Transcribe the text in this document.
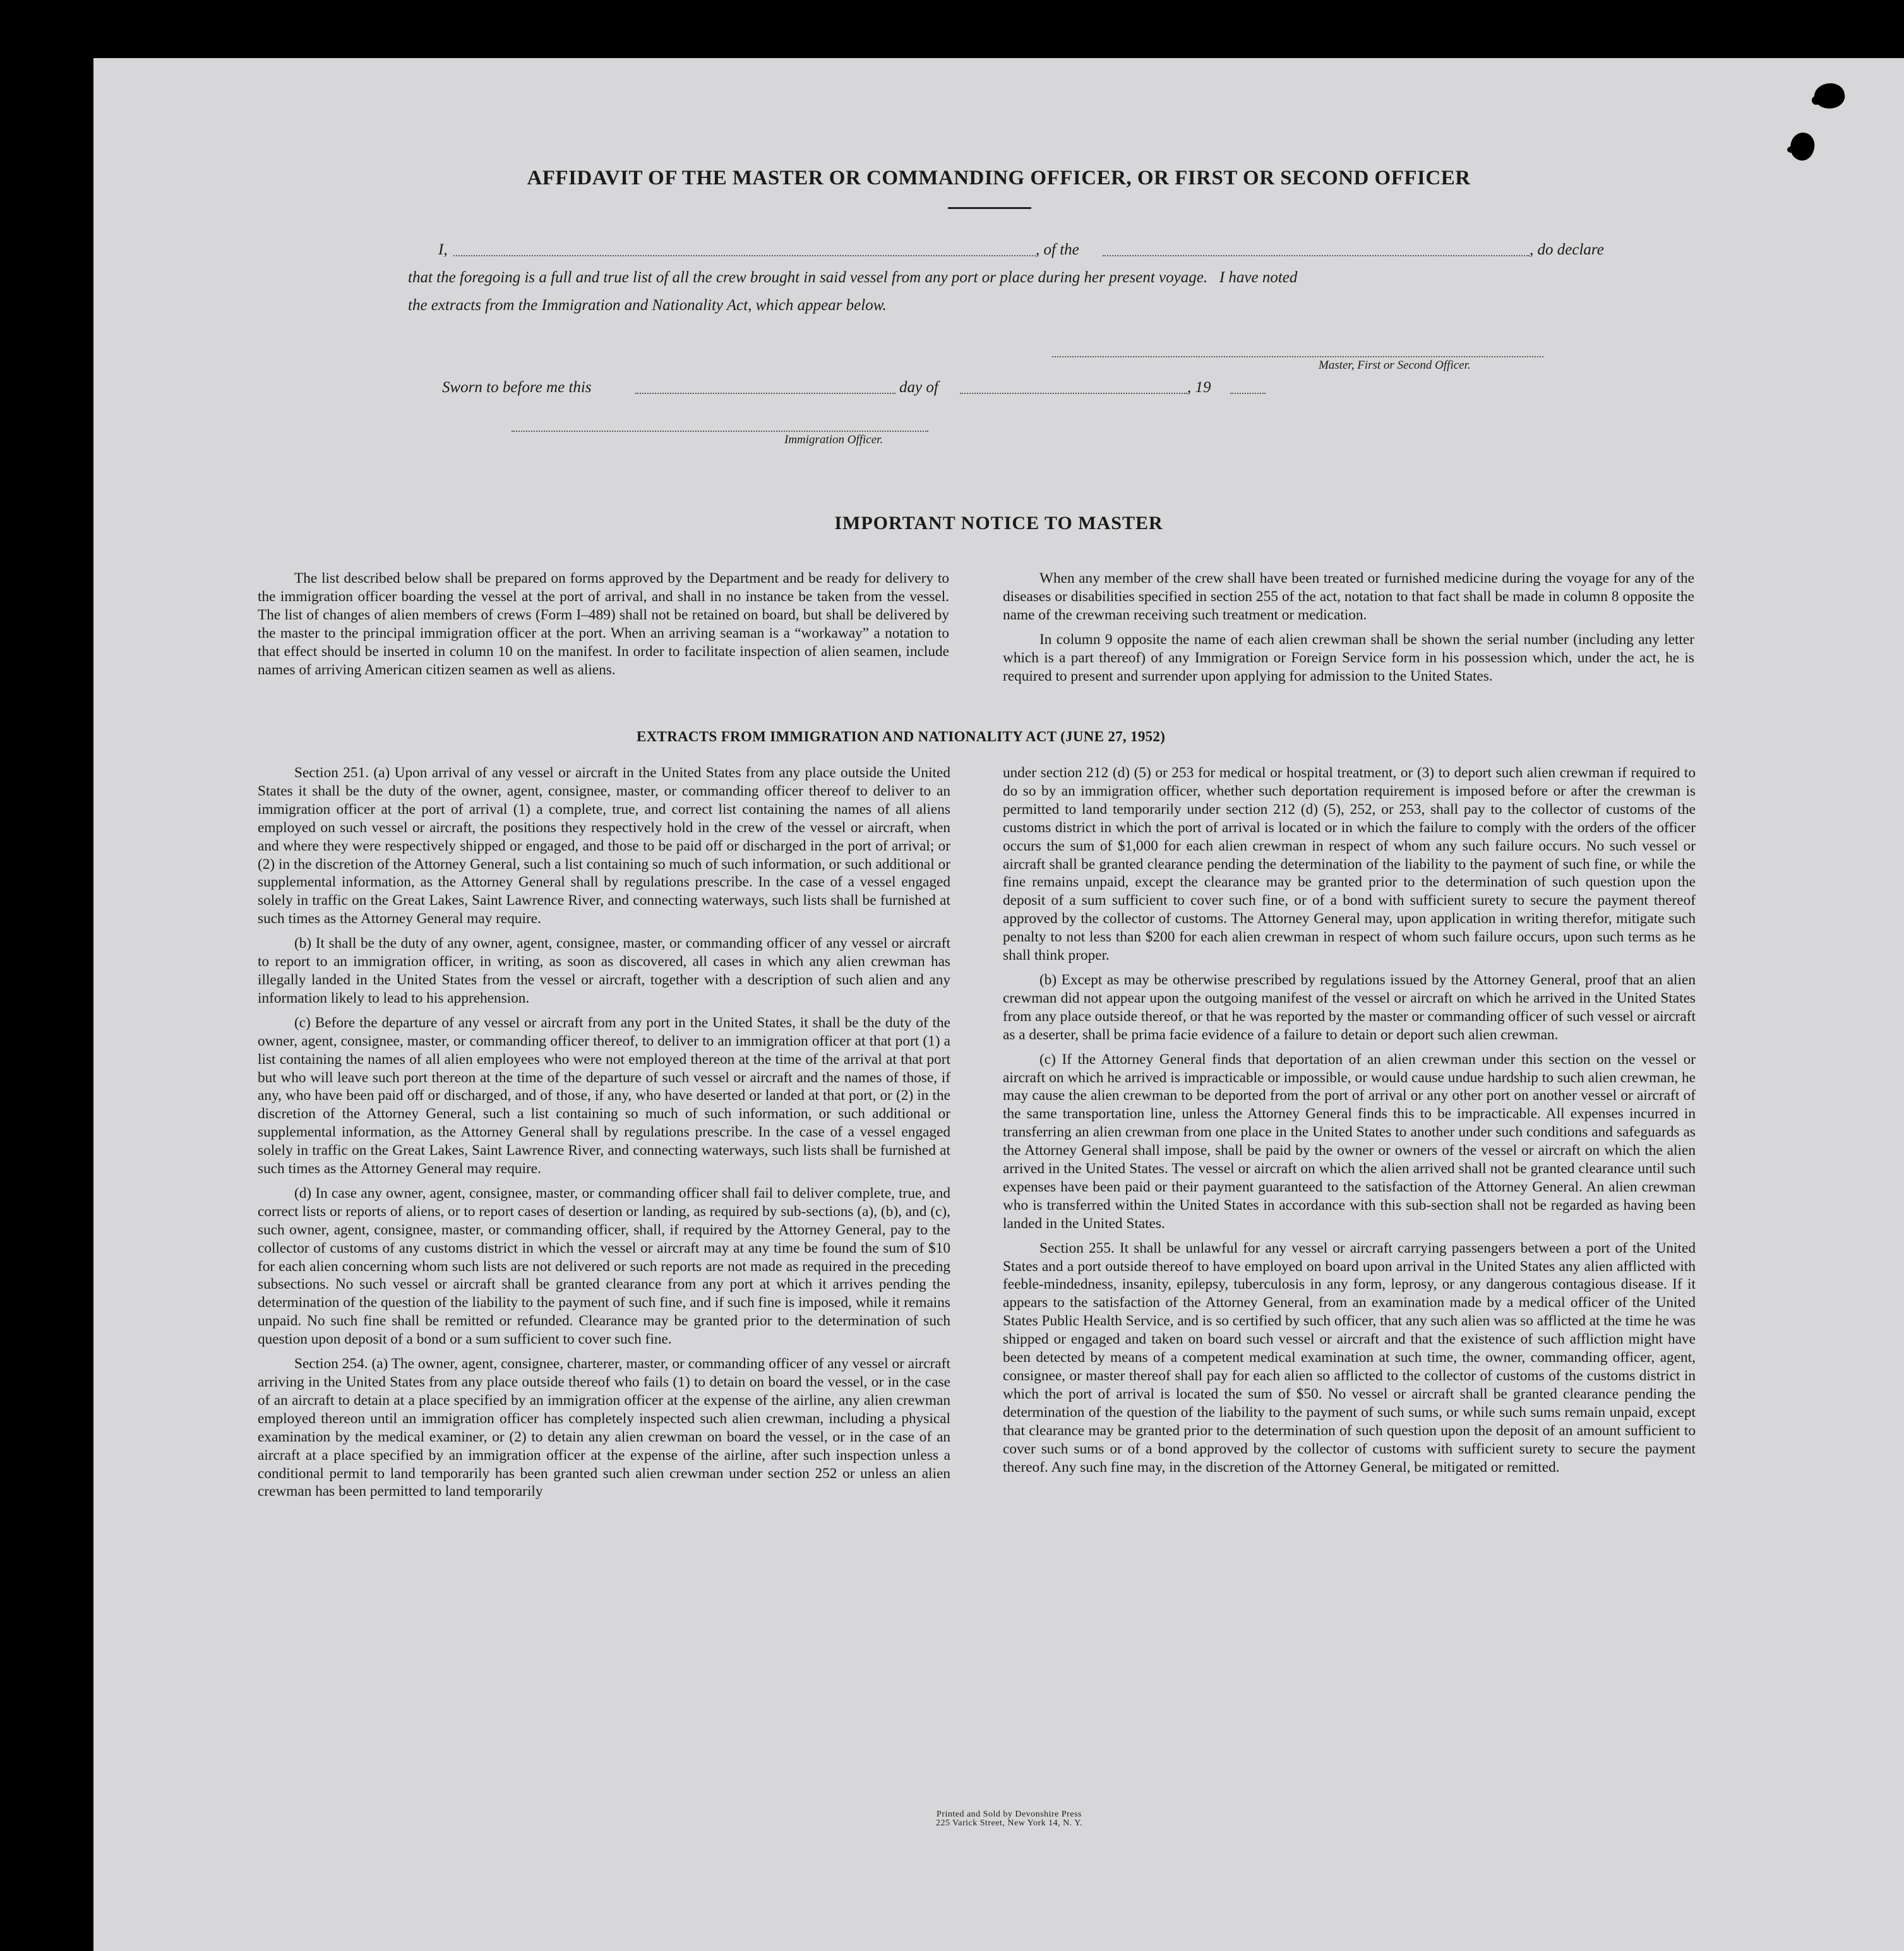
AFFIDAVIT OF THE MASTER OR COMMANDING OFFICER, OR FIRST OR SECOND OFFICER
I,	, of the	, do declare
that the foregoing is a full and true list of all the crew brought in said vessel from any port or place during her present voyage.   I have noted
the extracts from the Immigration and Nationality Act, which appear below.
Master, First or Second Officer.
Sworn to before me this	day of	, 19
Immigration Officer.
IMPORTANT NOTICE TO MASTER

The list described below shall be prepared on forms approved by the Department and be ready for delivery to the immigration officer boarding the vessel at the port of arrival, and shall in no instance be taken from the vessel. The list of changes of alien members of crews (Form I–489) shall not be retained on board, but shall be delivered by the master to the principal immigration officer at the port. When an arriving seaman is a “workaway” a notation to that effect should be inserted in column 10 on the manifest. In order to facilitate inspection of alien seamen, include names of arriving American citizen seamen as well as aliens.

When any member of the crew shall have been treated or furnished medicine during the voyage for any of the diseases or disabilities specified in section 255 of the act, notation to that fact shall be made in column 8 opposite the name of the crewman receiving such treatment or medication.

In column 9 opposite the name of each alien crewman shall be shown the serial number (including any letter which is a part thereof) of any Immigration or Foreign Service form in his possession which, under the act, he is required to present and surrender upon applying for admission to the United States.

EXTRACTS FROM IMMIGRATION AND NATIONALITY ACT (JUNE 27, 1952)

Section 251. (a) Upon arrival of any vessel or aircraft in the United States from any place outside the United States it shall be the duty of the owner, agent, consignee, master, or commanding officer thereof to deliver to an immigration officer at the port of arrival (1) a complete, true, and correct list containing the names of all aliens employed on such vessel or aircraft, the positions they respectively hold in the crew of the vessel or aircraft, when and where they were respectively shipped or engaged, and those to be paid off or discharged in the port of arrival; or (2) in the discretion of the Attorney General, such a list containing so much of such information, or such additional or supplemental information, as the Attorney General shall by regulations prescribe. In the case of a vessel engaged solely in traffic on the Great Lakes, Saint Lawrence River, and connecting waterways, such lists shall be furnished at such times as the Attorney General may require.

(b) It shall be the duty of any owner, agent, consignee, master, or commanding officer of any vessel or aircraft to report to an immigration officer, in writing, as soon as discovered, all cases in which any alien crewman has illegally landed in the United States from the vessel or aircraft, together with a description of such alien and any information likely to lead to his apprehension.

(c) Before the departure of any vessel or aircraft from any port in the United States, it shall be the duty of the owner, agent, consignee, master, or commanding officer thereof, to deliver to an immigration officer at that port (1) a list containing the names of all alien employees who were not employed thereon at the time of the arrival at that port but who will leave such port thereon at the time of the departure of such vessel or aircraft and the names of those, if any, who have been paid off or discharged, and of those, if any, who have deserted or landed at that port, or (2) in the discretion of the Attorney General, such a list containing so much of such information, or such additional or supplemental information, as the Attorney General shall by regulations prescribe. In the case of a vessel engaged solely in traffic on the Great Lakes, Saint Lawrence River, and connecting waterways, such lists shall be furnished at such times as the Attorney General may require.

(d) In case any owner, agent, consignee, master, or commanding officer shall fail to deliver complete, true, and correct lists or reports of aliens, or to report cases of desertion or landing, as required by sub-sections (a), (b), and (c), such owner, agent, consignee, master, or commanding officer, shall, if required by the Attorney General, pay to the collector of customs of any customs district in which the vessel or aircraft may at any time be found the sum of $10 for each alien concerning whom such lists are not delivered or such reports are not made as required in the preceding subsections. No such vessel or aircraft shall be granted clearance from any port at which it arrives pending the determination of the question of the liability to the payment of such fine, and if such fine is imposed, while it remains unpaid. No such fine shall be remitted or refunded. Clearance may be granted prior to the determination of such question upon deposit of a bond or a sum sufficient to cover such fine.

Section 254. (a) The owner, agent, consignee, charterer, master, or commanding officer of any vessel or aircraft arriving in the United States from any place outside thereof who fails (1) to detain on board the vessel, or in the case of an aircraft to detain at a place specified by an immigration officer at the expense of the airline, any alien crewman employed thereon until an immigration officer has completely inspected such alien crewman, including a physical examination by the medical examiner, or (2) to detain any alien crewman on board the vessel, or in the case of an aircraft at a place specified by an immigration officer at the expense of the airline, after such inspection unless a conditional permit to land temporarily has been granted such alien crewman under section 252 or unless an alien crewman has been permitted to land temporarily

under section 212 (d) (5) or 253 for medical or hospital treatment, or (3) to deport such alien crewman if required to do so by an immigration officer, whether such deportation requirement is imposed before or after the crewman is permitted to land temporarily under section 212 (d) (5), 252, or 253, shall pay to the collector of customs of the customs district in which the port of arrival is located or in which the failure to comply with the orders of the officer occurs the sum of $1,000 for each alien crewman in respect of whom any such failure occurs. No such vessel or aircraft shall be granted clearance pending the determination of the liability to the payment of such fine, or while the fine remains unpaid, except the clearance may be granted prior to the determination of such question upon the deposit of a sum sufficient to cover such fine, or of a bond with sufficient surety to secure the payment thereof approved by the collector of customs. The Attorney General may, upon application in writing therefor, mitigate such penalty to not less than $200 for each alien crewman in respect of whom such failure occurs, upon such terms as he shall think proper.

(b) Except as may be otherwise prescribed by regulations issued by the Attorney General, proof that an alien crewman did not appear upon the outgoing manifest of the vessel or aircraft on which he arrived in the United States from any place outside thereof, or that he was reported by the master or commanding officer of such vessel or aircraft as a deserter, shall be prima facie evidence of a failure to detain or deport such alien crewman.

(c) If the Attorney General finds that deportation of an alien crewman under this section on the vessel or aircraft on which he arrived is impracticable or impossible, or would cause undue hardship to such alien crewman, he may cause the alien crewman to be deported from the port of arrival or any other port on another vessel or aircraft of the same transportation line, unless the Attorney General finds this to be impracticable. All expenses incurred in transferring an alien crewman from one place in the United States to another under such conditions and safeguards as the Attorney General shall impose, shall be paid by the owner or owners of the vessel or aircraft on which the alien arrived in the United States. The vessel or aircraft on which the alien arrived shall not be granted clearance until such expenses have been paid or their payment guaranteed to the satisfaction of the Attorney General. An alien crewman who is transferred within the United States in accordance with this sub-section shall not be regarded as having been landed in the United States.

Section 255. It shall be unlawful for any vessel or aircraft carrying passengers between a port of the United States and a port outside thereof to have employed on board upon arrival in the United States any alien afflicted with feeble-mindedness, insanity, epilepsy, tuberculosis in any form, leprosy, or any dangerous contagious disease. If it appears to the satisfaction of the Attorney General, from an examination made by a medical officer of the United States Public Health Service, and is so certified by such officer, that any such alien was so afflicted at the time he was shipped or engaged and taken on board such vessel or aircraft and that the existence of such affliction might have been detected by means of a competent medical examination at such time, the owner, commanding officer, agent, consignee, or master thereof shall pay for each alien so afflicted to the collector of customs of the customs district in which the port of arrival is located the sum of $50. No vessel or aircraft shall be granted clearance pending the determination of the question of the liability to the payment of such sums, or while such sums remain unpaid, except that clearance may be granted prior to the determination of such question upon the deposit of an amount sufficient to cover such sums or of a bond approved by the collector of customs with sufficient surety to secure the payment thereof. Any such fine may, in the discretion of the Attorney General, be mitigated or remitted.

Printed and Sold by Devonshire Press
225 Varick Street, New York 14, N. Y.
